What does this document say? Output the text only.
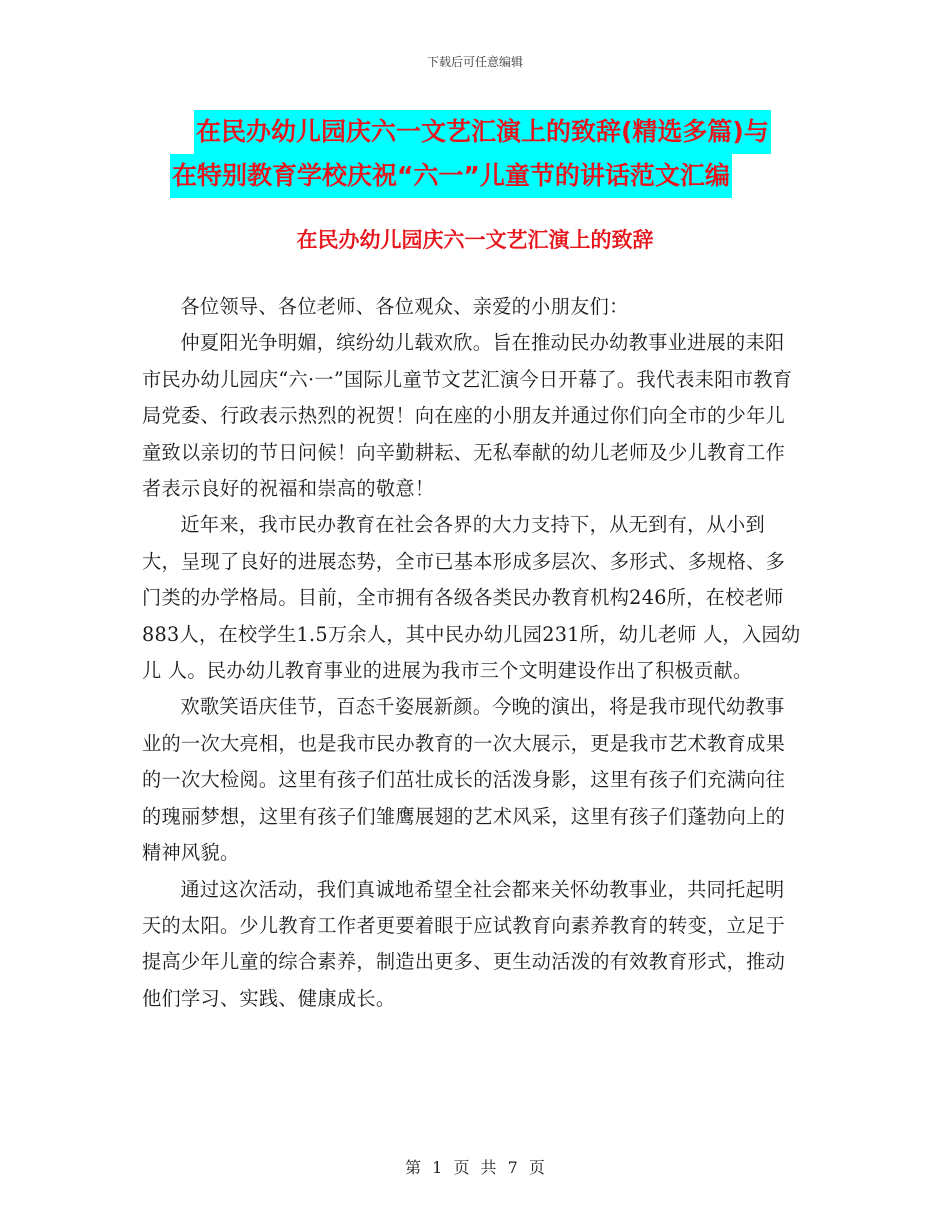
下载后可任意编辑
在民办幼儿园庆六一文艺汇演上的致辞(精选多篇)与
在特别教育学校庆祝“六一”儿童节的讲话范文汇编
在民办幼儿园庆六一文艺汇演上的致辞

各位领导、各位老师、各位观众、亲爱的小朋友们：

仲夏阳光争明媚，缤纷幼儿载欢欣。旨在推动民办幼教事业进展的耒阳市民办幼儿园庆“六·一”国际儿童节文艺汇演今日开幕了。我代表耒阳市教育局党委、行政表示热烈的祝贺！向在座的小朋友并通过你们向全市的少年儿童致以亲切的节日问候！向辛勤耕耘、无私奉献的幼儿老师及少儿教育工作者表示良好的祝福和崇高的敬意！

近年来，我市民办教育在社会各界的大力支持下，从无到有，从小到大，呈现了良好的进展态势，全市已基本形成多层次、多形式、多规格、多门类的办学格局。目前，全市拥有各级各类民办教育机构246所，在校老师883人，在校学生1.5万余人，其中民办幼儿园231所，幼儿老师 人，入园幼儿 人。民办幼儿教育事业的进展为我市三个文明建设作出了积极贡献。

欢歌笑语庆佳节，百态千姿展新颜。今晚的演出，将是我市现代幼教事业的一次大亮相，也是我市民办教育的一次大展示，更是我市艺术教育成果的一次大检阅。这里有孩子们茁壮成长的活泼身影，这里有孩子们充满向往的瑰丽梦想，这里有孩子们雏鹰展翅的艺术风采，这里有孩子们蓬勃向上的精神风貌。

通过这次活动，我们真诚地希望全社会都来关怀幼教事业，共同托起明天的太阳。少儿教育工作者更要着眼于应试教育向素养教育的转变，立足于提高少年儿童的综合素养，制造出更多、更生动活泼的有效教育形式，推动他们学习、实践、健康成长。

第 1 页 共 7 页
